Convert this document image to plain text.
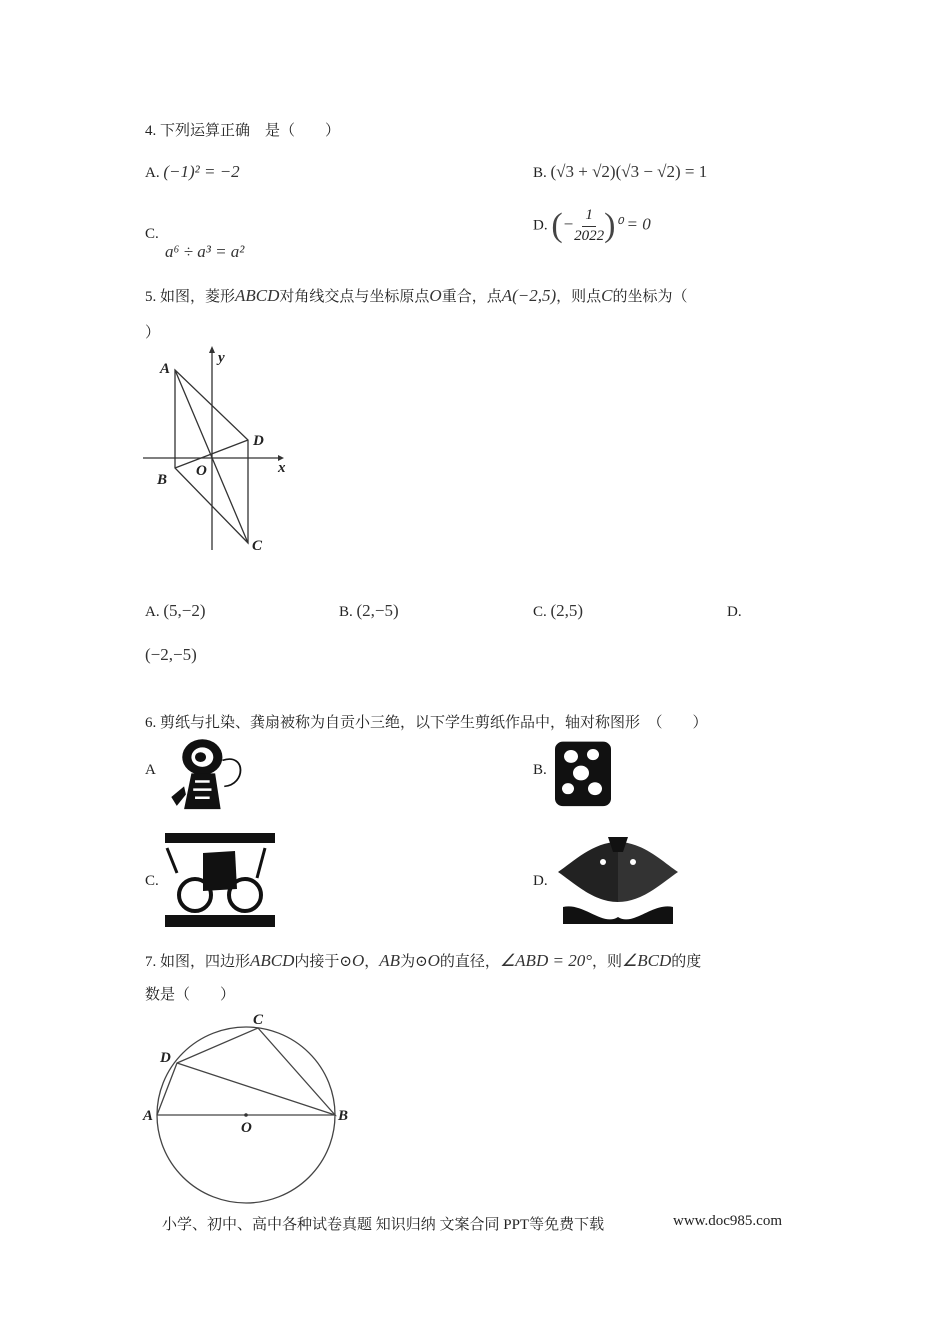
4. 下列运算正确　是（　　）
A. (−1)² = −2	B. (√3 + √2)(√3 − √2) = 1
C.
a⁶ ÷ a³ = a²
D. (− $\frac{1}{2022} )^0 = 0$
5. 如图，菱形ABCD对角线交点与坐标原点O重合，点A(−2,5)，则点C的坐标为（
）
A
B
C
D
O	x
y
A	B
C
D
O
A. (5,−2)	B. (2,−5)	C. (2,5)	D.
(−2,−5)
6. 剪纸与扎染、龚扇被称为自贡小三绝，以下学生剪纸作品中，轴对称图形　（　　）
A	B.
C.	D.
7. 如图，四边形ABCD内接于⊙O，AB为⊙O的直径，∠ABD = 20°，则∠BCD的度
数是（　　）
小学、初中、高中各种试卷真题 知识归纳 文案合同 PPT等免费下载	www.doc985.com
